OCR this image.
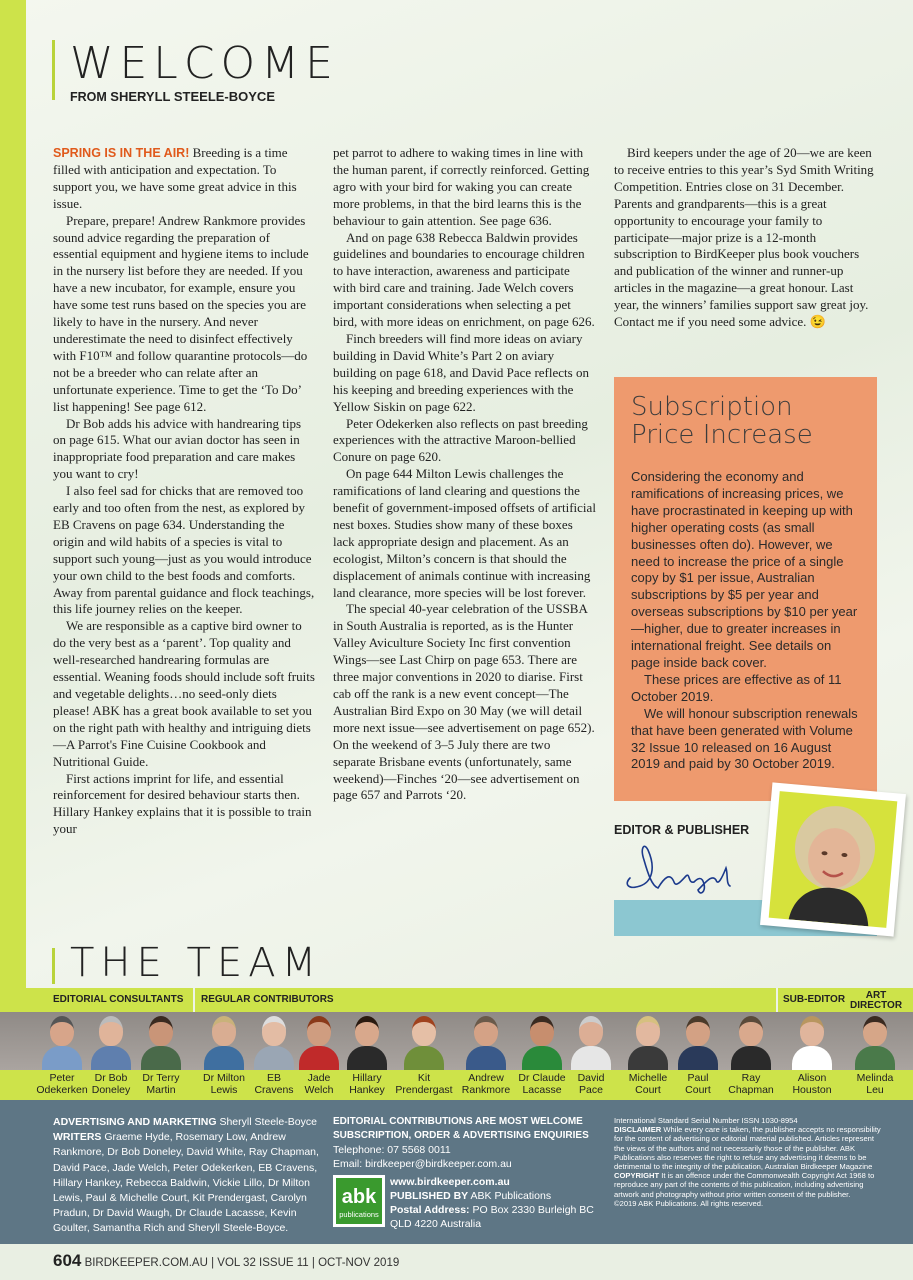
WELCOME
FROM SHERYLL STEELE-BOYCE

SPRING IS IN THE AIR! Breeding is a time filled with anticipation and expectation. To support you, we have some great advice in this issue.

Prepare, prepare! Andrew Rankmore provides sound advice regarding the preparation of essential equipment and hygiene items to include in the nursery list before they are needed. If you have a new incubator, for example, ensure you have some test runs based on the species you are likely to have in the nursery. And never underestimate the need to disinfect effectively with F10™ and follow quarantine protocols—do not be a breeder who can relate after an unfortunate experience. Time to get the ‘To Do’ list happening! See page 612.

Dr Bob adds his advice with handrearing tips on page 615. What our avian doctor has seen in inappropriate food preparation and care makes you want to cry!

I also feel sad for chicks that are removed too early and too often from the nest, as explored by EB Cravens on page 634. Understanding the origin and wild habits of a species is vital to support such young—just as you would introduce your own child to the best foods and comforts. Away from parental guidance and flock teachings, this life journey relies on the keeper.

We are responsible as a captive bird owner to do the very best as a ‘parent’. Top quality and well-researched handrearing formulas are essential. Weaning foods should include soft fruits and vegetable delights…no seed-only diets please! ABK has a great book available to set you on the right path with healthy and intriguing diets—A Parrot's Fine Cuisine Cookbook and Nutritional Guide.

First actions imprint for life, and essential reinforcement for desired behaviour starts then. Hillary Hankey explains that it is possible to train your

pet parrot to adhere to waking times in line with the human parent, if correctly reinforced. Getting agro with your bird for waking you can create more problems, in that the bird learns this is the behaviour to gain attention. See page 636.

And on page 638 Rebecca Baldwin provides guidelines and boundaries to encourage children to have interaction, awareness and participate with bird care and training. Jade Welch covers important considerations when selecting a pet bird, with more ideas on enrichment, on page 626.

Finch breeders will find more ideas on aviary building in David White’s Part 2 on aviary building on page 618, and David Pace reflects on his keeping and breeding experiences with the Yellow Siskin on page 622.

Peter Odekerken also reflects on past breeding experiences with the attractive Maroon-bellied Conure on page 620.

On page 644 Milton Lewis challenges the ramifications of land clearing and questions the benefit of government-imposed offsets of artificial nest boxes. Studies show many of these boxes lack appropriate design and placement. As an ecologist, Milton’s concern is that should the displacement of animals continue with increasing land clearance, more species will be lost forever.

The special 40-year celebration of the USSBA in South Australia is reported, as is the Hunter Valley Aviculture Society Inc first convention Wings—see Last Chirp on page 653. There are three major conventions in 2020 to diarise. First cab off the rank is a new event concept—The Australian Bird Expo on 30 May (we will detail more next issue—see advertisement on page 652). On the weekend of 3–5 July there are two separate Brisbane events (unfortunately, same weekend)—Finches ‘20—see advertisement on page 657 and Parrots ‘20.

Bird keepers under the age of 20—we are keen to receive entries to this year’s Syd Smith Writing Competition. Entries close on 31 December. Parents and grandparents—this is a great opportunity to encourage your family to participate—major prize is a 12-month subscription to BirdKeeper plus book vouchers and publication of the winner and runner-up articles in the magazine—a great honour. Last year, the winners’ families support saw great joy. Contact me if you need some advice. 😉

Subscription
Price Increase

Considering the economy and ramifications of increasing prices, we have procrastinated in keeping up with higher operating costs (as small businesses often do). However, we need to increase the price of a single copy by $1 per issue, Australian subscriptions by $5 per year and overseas subscriptions by $10 per year—higher, due to greater increases in international freight. See details on page inside back cover.

These prices are effective as of 11 October 2019.

We will honour subscription renewals that have been generated with Volume 32 Issue 10 released on 16 August 2019 and paid by 30 October 2019.

EDITOR & PUBLISHER
THE TEAM
EDITORIAL CONSULTANTS REGULAR CONTRIBUTORS	SUB-EDITOR	ART
DIRECTOR
Peter
Odekerken
Dr Bob
Doneley
Dr Terry
Martin
Dr Milton
Lewis
EB
Cravens
Jade
Welch
Hillary
Hankey
Kit
Prendergast
Andrew
Rankmore
Dr Claude
Lacasse
David
Pace
Michelle
Court
Paul
Court
Ray
Chapman
Alison
Houston
Melinda
Leu
ADVERTISING AND MARKETING Sheryll Steele-Boyce
WRITERS Graeme Hyde, Rosemary Low, Andrew Rankmore, Dr Bob Doneley, David White, Ray Chapman, David Pace, Jade Welch, Peter Odekerken, EB Cravens, Hillary Hankey, Rebecca Baldwin, Vickie Lillo, Dr Milton Lewis, Paul & Michelle Court, Kit Prendergast, Carolyn Pradun, Dr David Waugh, Dr Claude Lacasse, Kevin Goulter, Samantha Rich and Sheryll Steele-Boyce.
EDITORIAL CONTRIBUTIONS ARE MOST WELCOME
SUBSCRIPTION, ORDER & ADVERTISING ENQUIRIES
Telephone: 07 5568 0011
Email: birdkeeper@birdkeeper.com.au
www.birdkeeper.com.au
PUBLISHED BY ABK Publications
Postal Address: PO Box 2330 Burleigh BC QLD 4220 Australia
abk
publications
International Standard Serial Number ISSN 1030-8954
DISCLAIMER While every care is taken, the publisher accepts no responsibility for the content of advertising or editorial material published. Articles represent the views of the authors and not necessarily those of the publisher. ABK Publications also reserves the right to refuse any advertising it deems to be detrimental to the integrity of the publication, Australian Birdkeeper Magazine
COPYRIGHT It is an offence under the Commonwealth Copyright Act 1968 to reproduce any part of the contents of this publication, including advertising artwork and photography without prior written consent of the publisher.
©2019 ABK Publications. All rights reserved.
604 BIRDKEEPER.COM.AU | VOL 32 ISSUE 11 | OCT-NOV 2019
